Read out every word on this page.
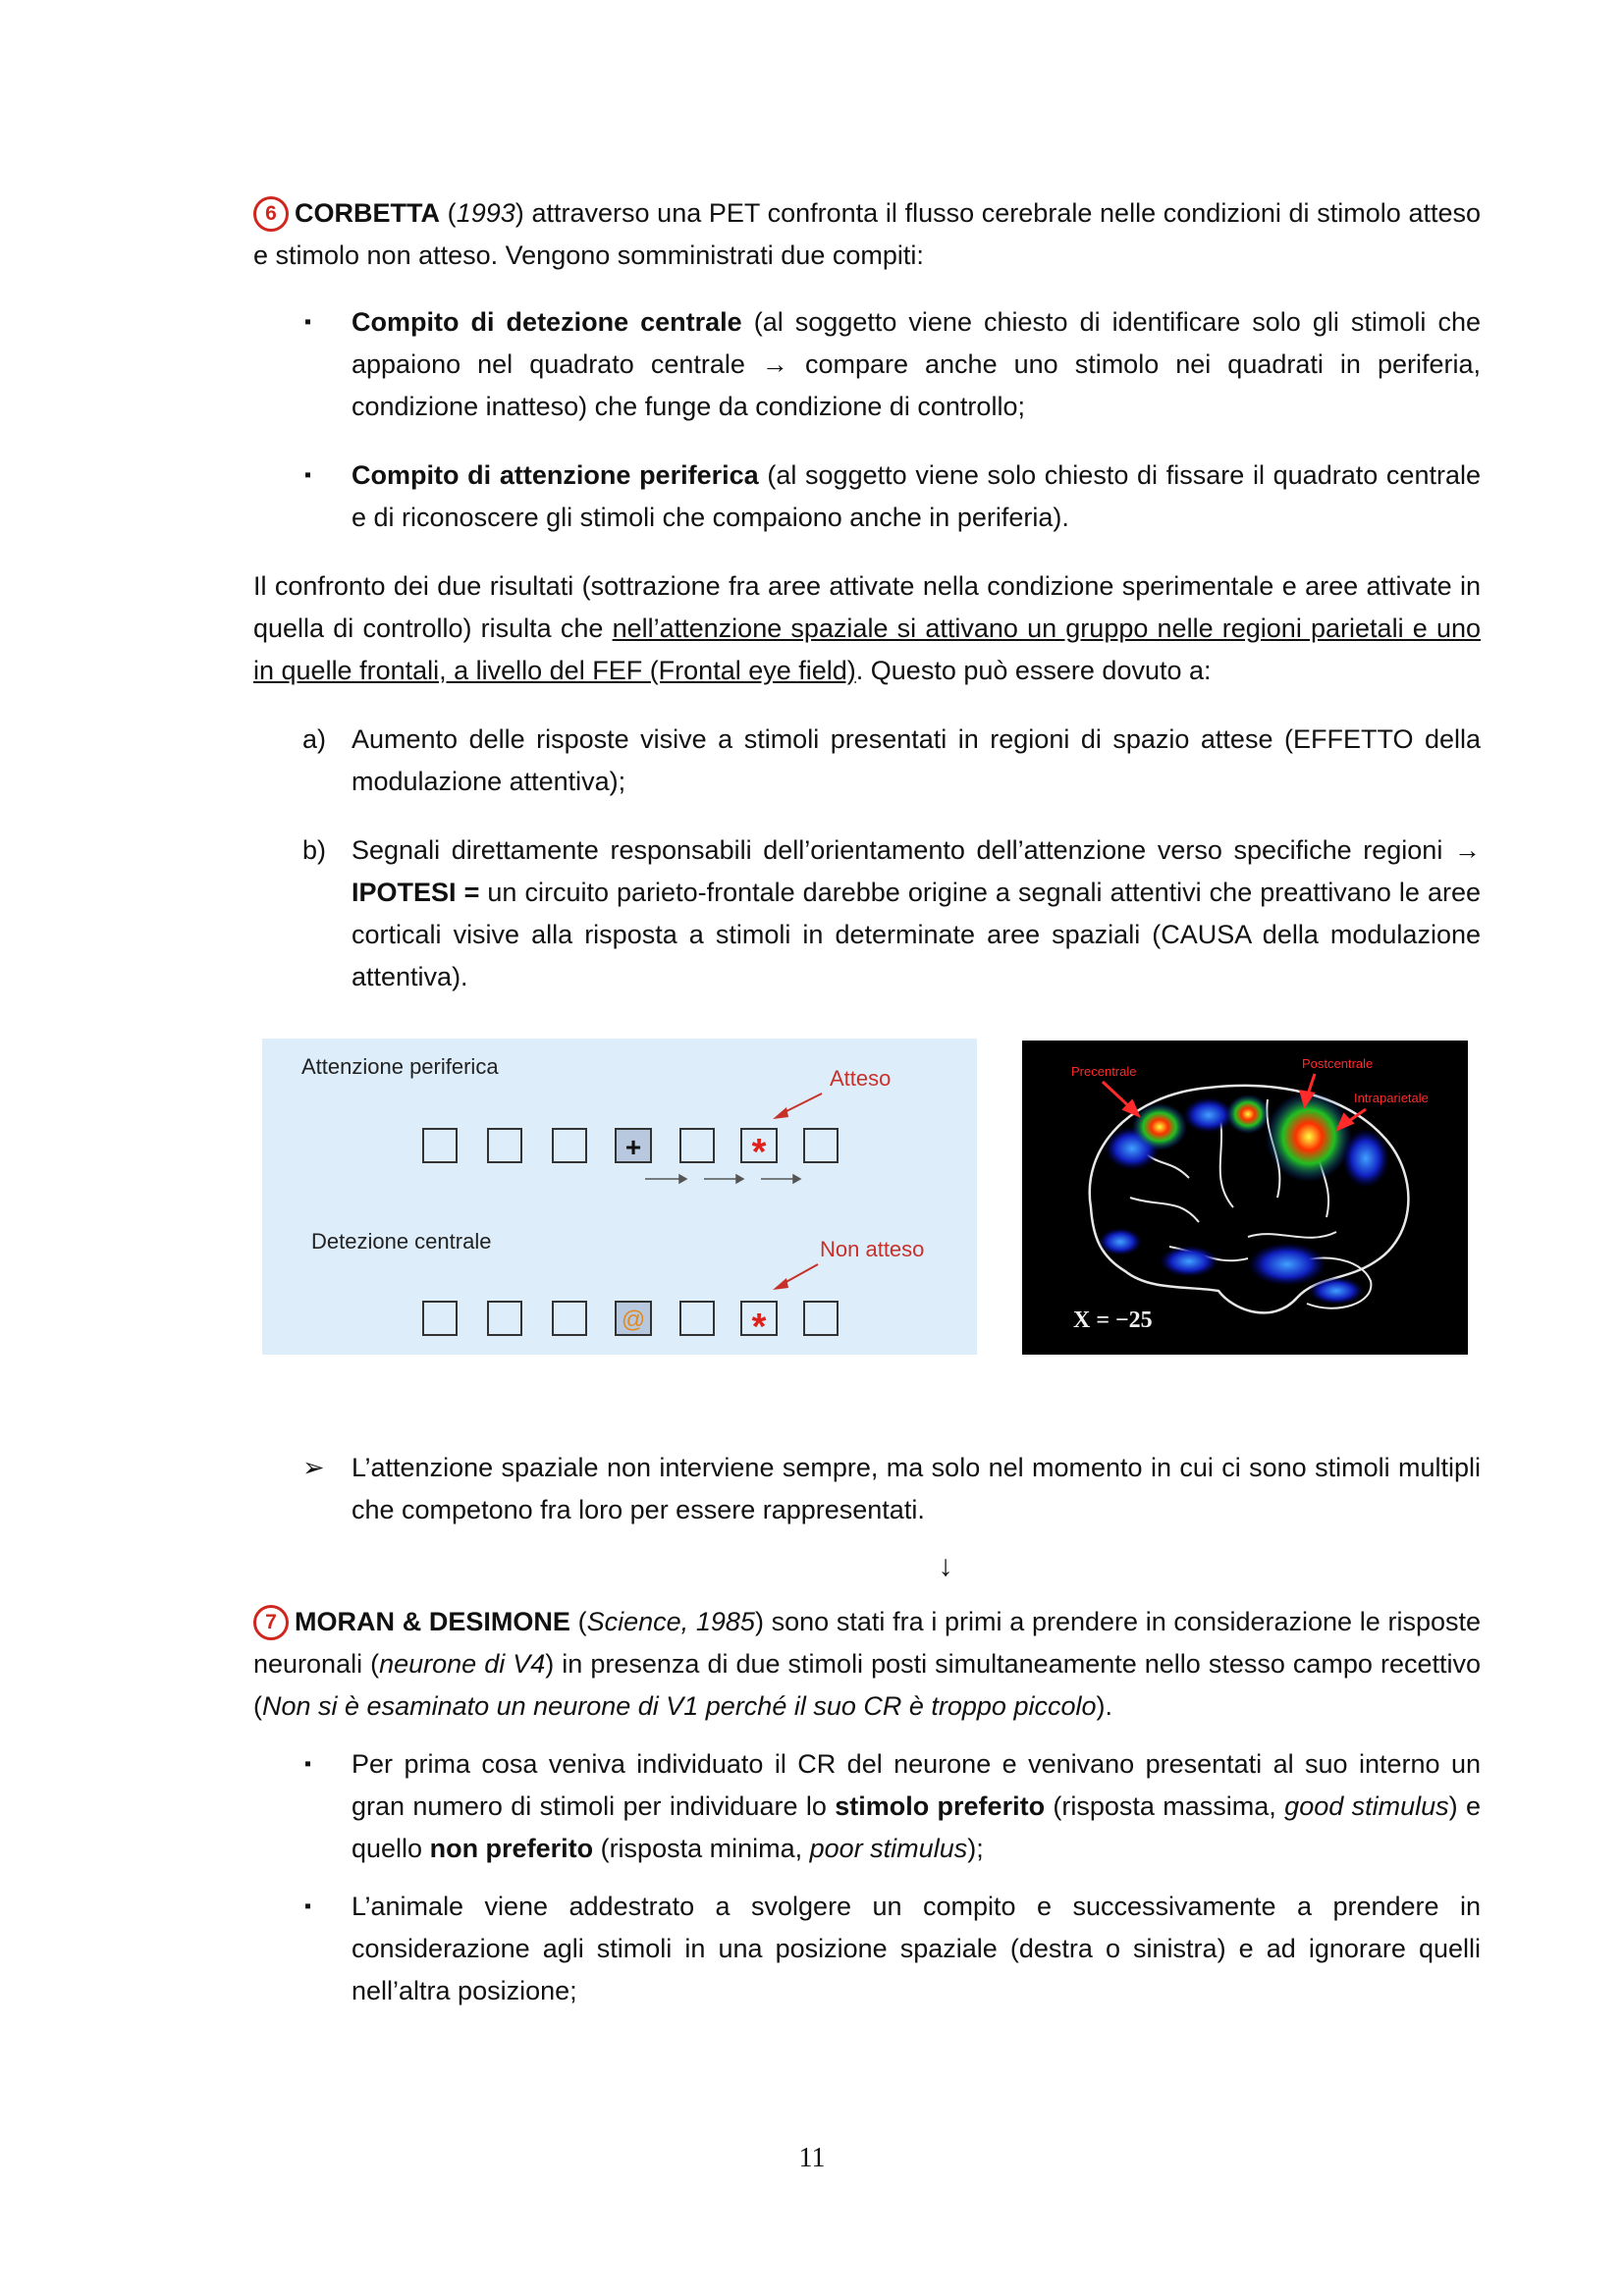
6 CORBETTA (1993) attraverso una PET confronta il flusso cerebrale nelle condizioni di stimolo atteso e stimolo non atteso. Vengono somministrati due compiti:

▪ Compito di detezione centrale (al soggetto viene chiesto di identificare solo gli stimoli che appaiono nel quadrato centrale → compare anche uno stimolo nei quadrati in periferia, condizione inatteso) che funge da condizione di controllo;

▪ Compito di attenzione periferica (al soggetto viene solo chiesto di fissare il quadrato centrale e di riconoscere gli stimoli che compaiono anche in periferia).

Il confronto dei due risultati (sottrazione fra aree attivate nella condizione sperimentale e aree attivate in quella di controllo) risulta che nell’attenzione spaziale si attivano un gruppo nelle regioni parietali e uno in quelle frontali, a livello del FEF (Frontal eye field). Questo può essere dovuto a:

a) Aumento delle risposte visive a stimoli presentati in regioni di spazio attese (EFFETTO della modulazione attentiva);

b) Segnali direttamente responsabili dell’orientamento dell’attenzione verso specifiche regioni → IPOTESI = un circuito parieto-frontale darebbe origine a segnali attentivi che preattivano le aree corticali visive alla risposta a stimoli in determinate aree spaziali (CAUSA della modulazione attentiva).

Attenzione periferica	Atteso
+	*
Detezione centrale	Non atteso
@	*
Precentrale
Postcentrale
Intraparietale
X = −25

➢ L’attenzione spaziale non interviene sempre, ma solo nel momento in cui ci sono stimoli multipli che competono fra loro per essere rappresentati.

↓

7 MORAN & DESIMONE (Science, 1985) sono stati fra i primi a prendere in considerazione le risposte neuronali (neurone di V4) in presenza di due stimoli posti simultaneamente nello stesso campo recettivo (Non si è esaminato un neurone di V1 perché il suo CR è troppo piccolo).

▪ Per prima cosa veniva individuato il CR del neurone e venivano presentati al suo interno un gran numero di stimoli per individuare lo stimolo preferito (risposta massima, good stimulus) e quello non preferito (risposta minima, poor stimulus);

▪ L’animale viene addestrato a svolgere un compito e successivamente a prendere in considerazione agli stimoli in una posizione spaziale (destra o sinistra) e ad ignorare quelli nell’altra posizione;

11
